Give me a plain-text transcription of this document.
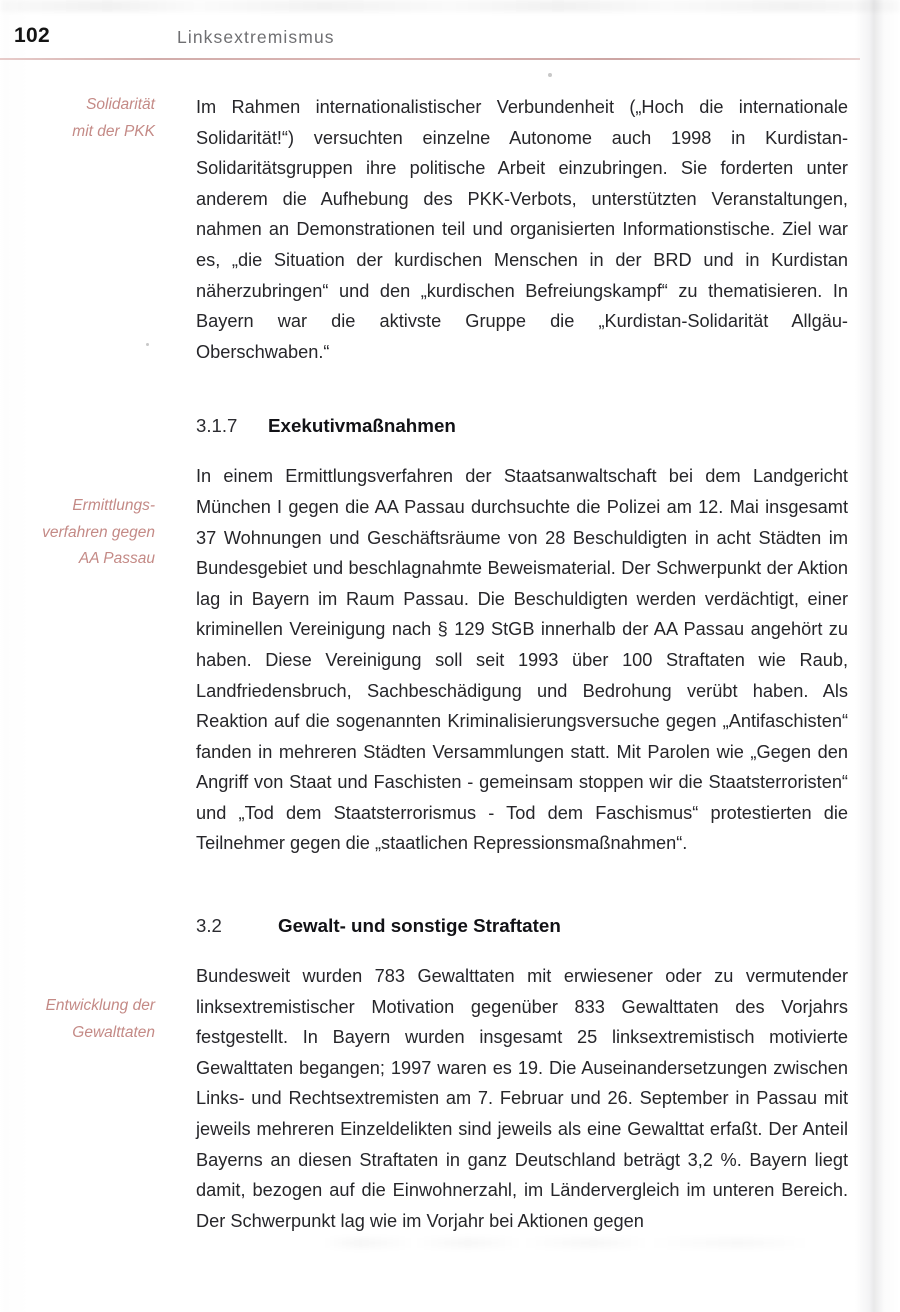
102	Linksextremismus
Solidarität
mit der PKK
Im Rahmen internationalistischer Verbundenheit („Hoch die internationale Solidarität!“) versuchten einzelne Autonome auch 1998 in Kurdistan-Solidaritätsgruppen ihre politische Arbeit einzubringen. Sie forderten unter anderem die Aufhebung des PKK-Verbots, unterstützten Veranstaltungen, nahmen an Demonstrationen teil und organisierten Informationstische. Ziel war es, „die Situation der kurdischen Menschen in der BRD und in Kurdistan näherzubringen“ und den „kurdischen Befreiungskampf“ zu thematisieren. In Bayern war die aktivste Gruppe die „Kurdistan-Solidarität Allgäu-Oberschwaben.“
3.1.7	Exekutivmaßnahmen
Ermittlungs-
verfahren gegen
AA Passau
In einem Ermittlungsverfahren der Staatsanwaltschaft bei dem Landgericht München I gegen die AA Passau durchsuchte die Polizei am 12. Mai insgesamt 37 Wohnungen und Geschäftsräume von 28 Beschuldigten in acht Städten im Bundesgebiet und beschlagnahmte Beweismaterial. Der Schwerpunkt der Aktion lag in Bayern im Raum Passau. Die Beschuldigten werden verdächtigt, einer kriminellen Vereinigung nach § 129 StGB innerhalb der AA Passau angehört zu haben. Diese Vereinigung soll seit 1993 über 100 Straftaten wie Raub, Landfriedensbruch, Sachbeschädigung und Bedrohung verübt haben. Als Reaktion auf die sogenannten Kriminalisierungsversuche gegen „Antifaschisten“ fanden in mehreren Städten Versammlungen statt. Mit Parolen wie „Gegen den Angriff von Staat und Faschisten - gemeinsam stoppen wir die Staatsterroristen“ und „Tod dem Staatsterrorismus - Tod dem Faschismus“ protestierten die Teilnehmer gegen die „staatlichen Repressionsmaßnahmen“.
3.2	Gewalt- und sonstige Straftaten
Entwicklung der
Gewalttaten
Bundesweit wurden 783 Gewalttaten mit erwiesener oder zu vermutender linksextremistischer Motivation gegenüber 833 Gewalttaten des Vorjahrs festgestellt. In Bayern wurden insgesamt 25 linksextremistisch motivierte Gewalttaten begangen; 1997 waren es 19. Die Auseinandersetzungen zwischen Links- und Rechtsextremisten am 7. Februar und 26. September in Passau mit jeweils mehreren Einzeldelikten sind jeweils als eine Gewalttat erfaßt. Der Anteil Bayerns an diesen Straftaten in ganz Deutschland beträgt 3,2 %. Bayern liegt damit, bezogen auf die Einwohnerzahl, im Ländervergleich im unteren Bereich. Der Schwerpunkt lag wie im Vorjahr bei Aktionen gegen
